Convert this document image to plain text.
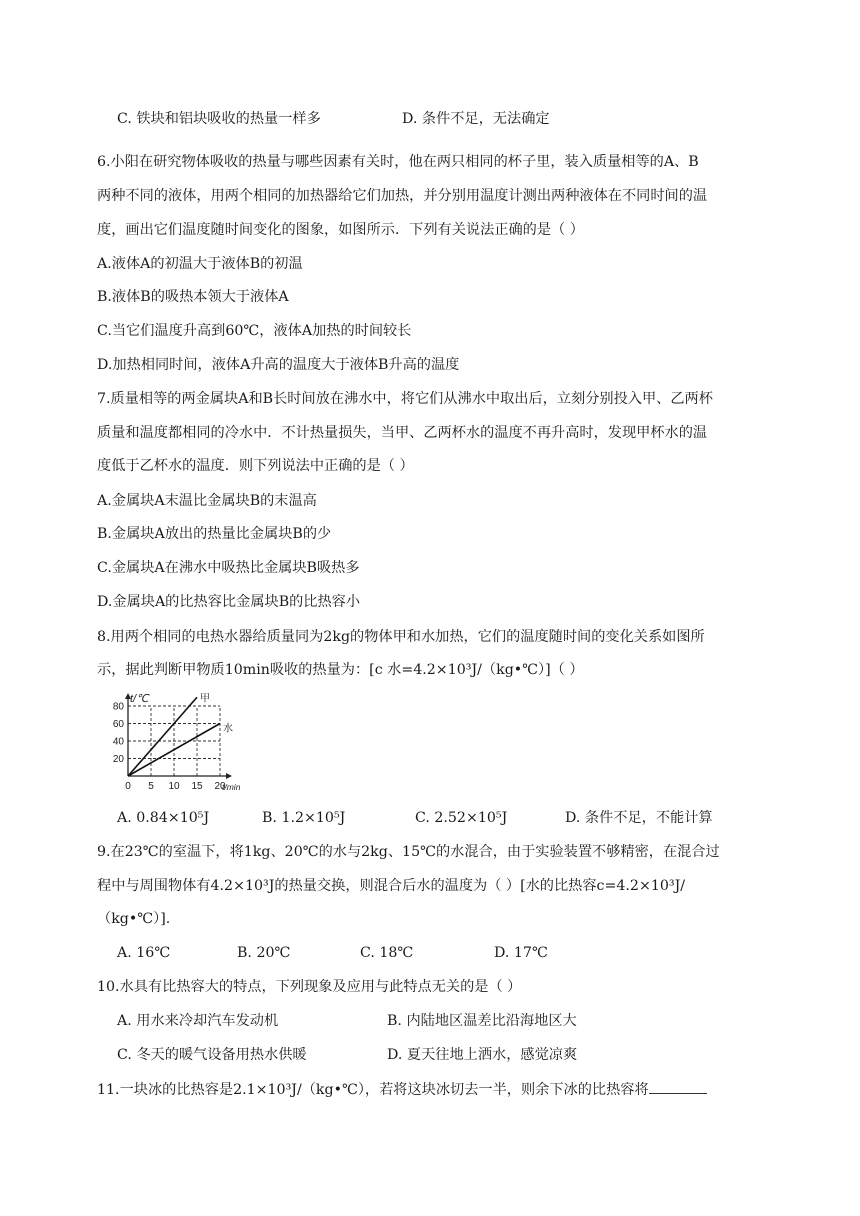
C. 铁块和铝块吸收的热量一样多	D. 条件不足，无法确定
6.小阳在研究物体吸收的热量与哪些因素有关时，他在两只相同的杯子里，装入质量相等的A、B
两种不同的液体，用两个相同的加热器给它们加热，并分别用温度计测出两种液体在不同时间的温
度，画出它们温度随时间变化的图象，如图所示．下列有关说法正确的是（ ）
A.液体A的初温大于液体B的初温
B.液体B的吸热本领大于液体A
C.当它们温度升高到60℃，液体A加热的时间较长
D.加热相同时间，液体A升高的温度大于液体B升高的温度
7.质量相等的两金属块A和B长时间放在沸水中，将它们从沸水中取出后，立刻分别投入甲、乙两杯
质量和温度都相同的冷水中．不计热量损失，当甲、乙两杯水的温度不再升高时，发现甲杯水的温
度低于乙杯水的温度．则下列说法中正确的是（ ）
A.金属块A末温比金属块B的末温高
B.金属块A放出的热量比金属块B的少
C.金属块A在沸水中吸热比金属块B吸热多
D.金属块A的比热容比金属块B的比热容小
8.用两个相同的电热水器给质量同为2kg的物体甲和水加热，它们的温度随时间的变化关系如图所
示，据此判断甲物质10min吸收的热量为：[c 水=4.2×10³J/（kg•℃）]（ ）
20
40
60
80
0 5 10 15 20
甲
水
t/℃
t/min
A. 0.84×10⁵J	B. 1.2×10⁵J	C. 2.52×10⁵J	D. 条件不足，不能计算
9.在23℃的室温下，将1kg、20℃的水与2kg、15℃的水混合，由于实验装置不够精密，在混合过
程中与周围物体有4.2×10³J的热量交换，则混合后水的温度为（ ）[水的比热容c=4.2×10³J/
（kg•℃）].
A. 16℃	B. 20℃	C. 18℃	D. 17℃
10.水具有比热容大的特点，下列现象及应用与此特点无关的是（ ）
A. 用水来冷却汽车发动机	B. 内陆地区温差比沿海地区大
C. 冬天的暖气设备用热水供暖	D. 夏天往地上洒水，感觉凉爽
11.一块冰的比热容是2.1×10³J/（kg•℃），若将这块冰切去一半，则余下冰的比热容将
